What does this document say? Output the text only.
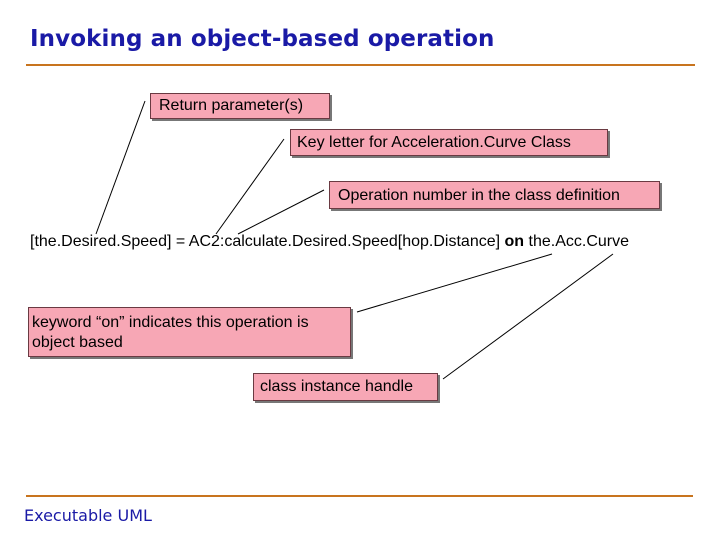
Invoking an object-based operation
Return parameter(s)
Key letter for Acceleration.Curve Class
Operation number in the class definition
[the.Desired.Speed] = AC2:calculate.Desired.Speed[hop.Distance] on the.Acc.Curve
keyword “on” indicates this operation is object based
class instance handle
Executable UML
